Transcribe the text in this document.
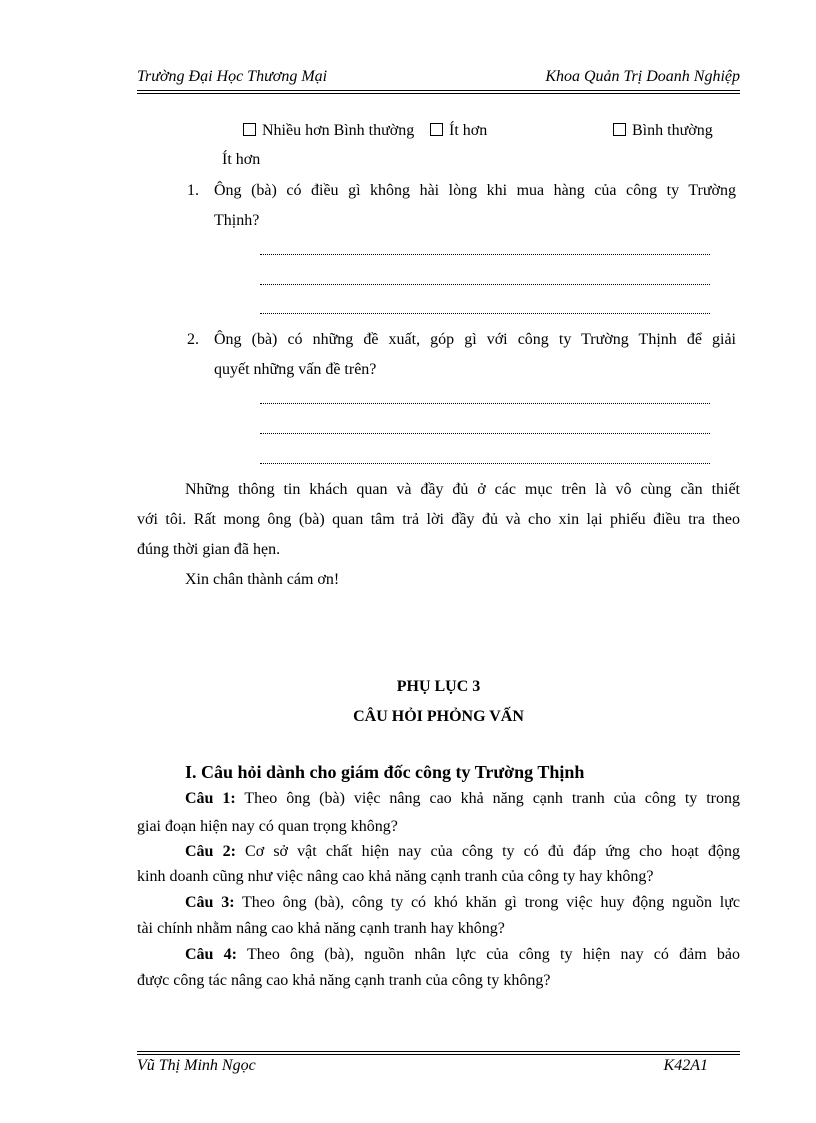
Trường Đại Học Thương Mại	Khoa Quản Trị Doanh Nghiệp
Nhiều hơn Bình thường	Ít hơn	Bình thường
Ít hơn
1. Ông (bà) có điều gì không hài lòng khi mua hàng của công ty Trường
Thịnh?
2. Ông (bà) có những đề xuất, góp gì với công ty Trường Thịnh để giải
quyết những vấn đề trên?
Những thông tin khách quan và đầy đủ ở các mục trên là vô cùng cần thiết
với tôi. Rất mong ông (bà) quan tâm trả lời đầy đủ và cho xin lại phiếu điều tra theo
đúng thời gian đã hẹn.
Xin chân thành cám ơn!
PHỤ LỤC 3
CÂU HỎI PHỎNG VẤN
I. Câu hỏi dành cho giám đốc công ty Trường Thịnh
Câu 1: Theo ông (bà) việc nâng cao khả năng cạnh tranh của công ty trong
giai đoạn hiện nay có quan trọng không?
Câu 2: Cơ sở vật chất hiện nay của công ty có đủ đáp ứng cho hoạt động
kinh doanh cũng như việc nâng cao khả năng cạnh tranh của công ty hay không?
Câu 3: Theo ông (bà), công ty có khó khăn gì trong việc huy động nguồn lực
tài chính nhằm nâng cao khả năng cạnh tranh hay không?
Câu 4: Theo ông (bà), nguồn nhân lực của công ty hiện nay có đảm bảo
được công tác nâng cao khả năng cạnh tranh của công ty không?
Vũ Thị Minh Ngọc	K42A1
